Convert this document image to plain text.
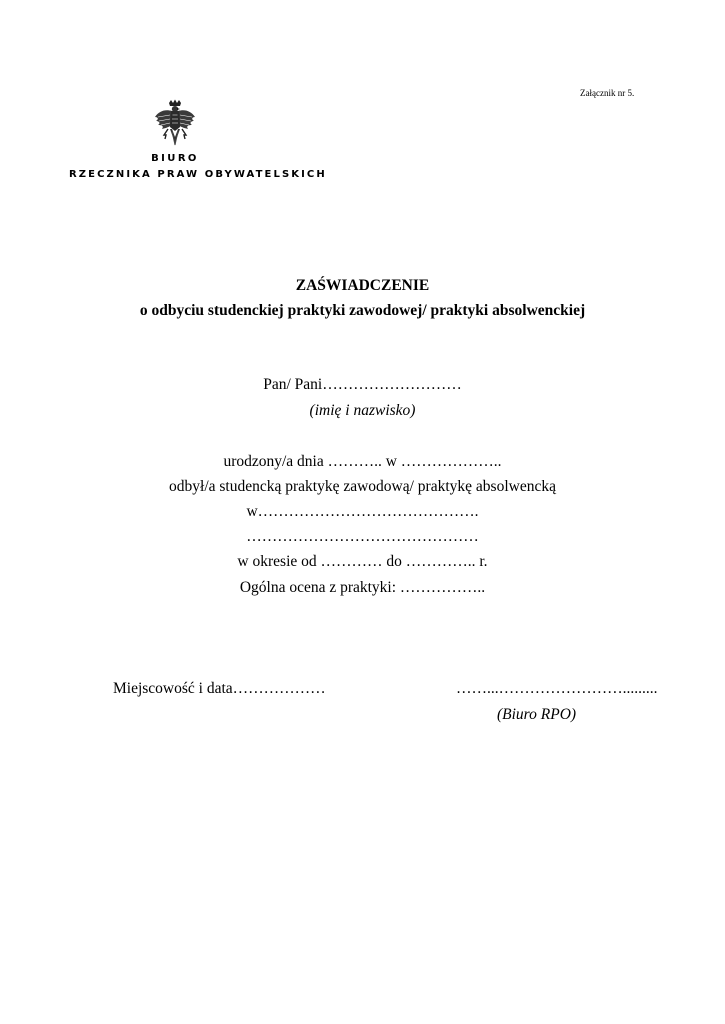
Załącznik nr 5.
BIURO
RZECZNIKA PRAW OBYWATELSKICH
ZAŚWIADCZENIE
o odbyciu studenckiej praktyki zawodowej/ praktyki absolwenckiej
Pan/ Pani………………………
(imię i nazwisko)
urodzony/a dnia ……….. w ………………..
odbył/a studencką praktykę zawodową/ praktykę absolwencką
w…………………………………….
………………………………………
w okresie od ………… do ………….. r.
Ogólna ocena z praktyki: ……………..
Miejscowość i data………………	……...…………………….........
(Biuro RPO)
